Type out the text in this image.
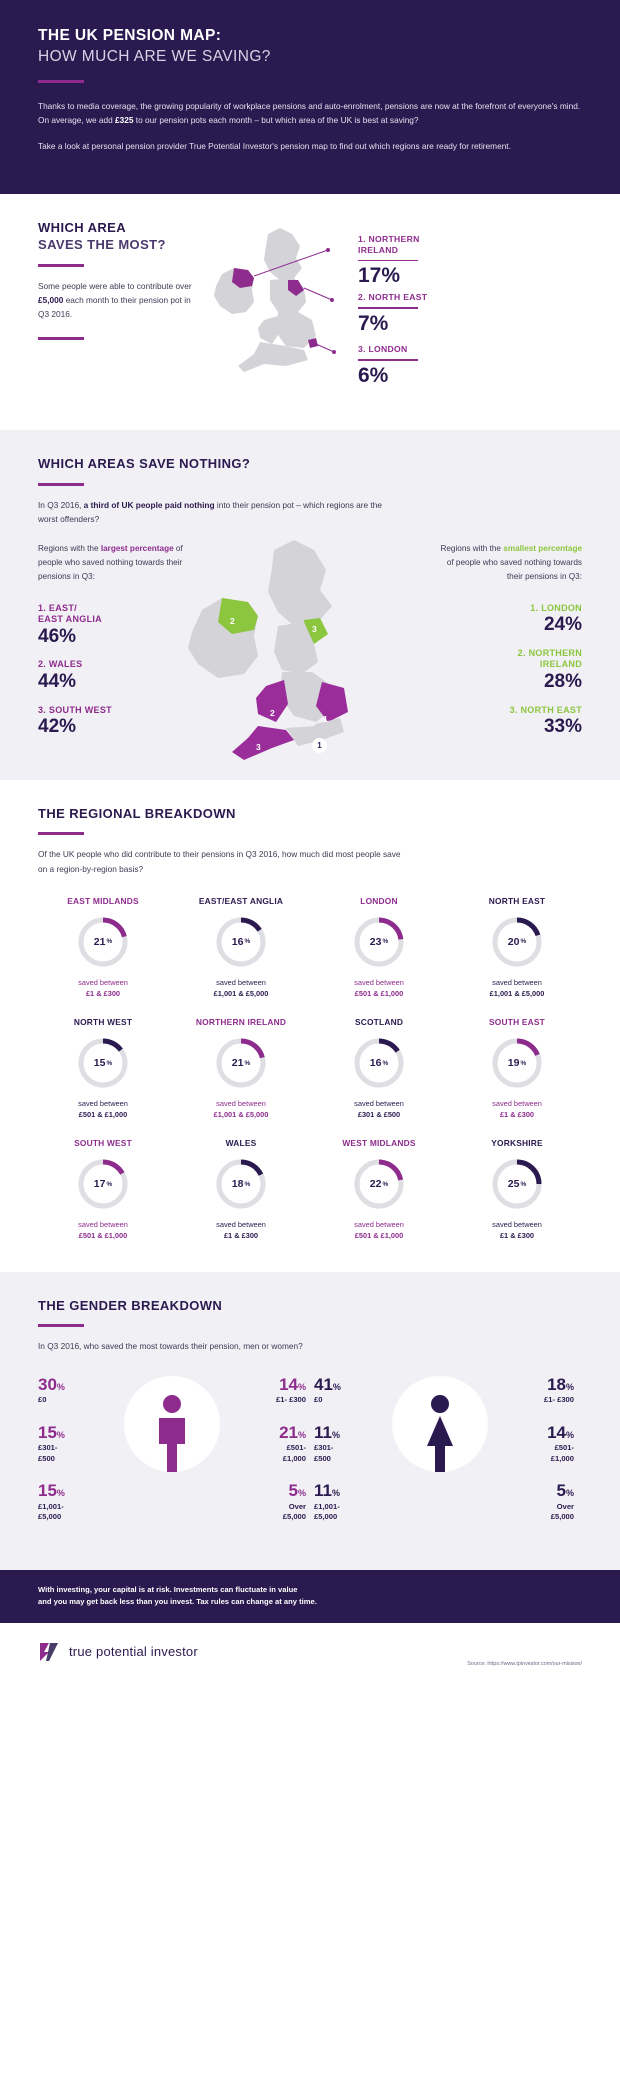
THE UK PENSION MAP:
HOW MUCH ARE WE SAVING?

Thanks to media coverage, the growing popularity of workplace pensions and auto-enrolment, pensions are now at the forefront of everyone's mind. On average, we add £325 to our pension pots each month – but which area of the UK is best at saving?

Take a look at personal pension provider True Potential Investor's pension map to find out which regions are ready for retirement.

WHICH AREA
SAVES THE MOST?
Some people were able to contribute over £5,000 each month to their pension pot in Q3 2016.
1. NORTHERN
IRELAND
17%
2. NORTH EAST
7%
3. LONDON
6%
WHICH AREAS SAVE NOTHING?
In Q3 2016, a third of UK people paid nothing into their pension pot – which regions are the worst offenders?
Regions with the largest percentage of people who saved nothing towards their pensions in Q3:
1. EAST/
EAST ANGLIA
46%
2. WALES
44%
3. SOUTH WEST
42%	1
1
2
2
3
3
Regions with the smallest percentage of people who saved nothing towards their pensions in Q3:
1. LONDON
24%
2. NORTHERN
IRELAND
28%
3. NORTH EAST
33%
THE REGIONAL BREAKDOWN
Of the UK people who did contribute to their pensions in Q3 2016, how much did most people save on a region-by-region basis?
EAST MIDLANDS
21 %
saved between
£1 & £300
EAST/EAST ANGLIA
16 %
saved between
£1,001 & £5,000
LONDON
23 %
saved between
£501 & £1,000
NORTH EAST
20 %
saved between
£1,001 & £5,000
NORTH WEST
15 %
saved between
£501 & £1,000
NORTHERN IRELAND
21 %
saved between
£1,001 & £5,000
SCOTLAND
16 %
saved between
£301 & £500
SOUTH EAST
19 %
saved between
£1 & £300
SOUTH WEST
17 %
saved between
£501 & £1,000
WALES
18 %
saved between
£1 & £300
WEST MIDLANDS
22 %
saved between
£501 & £1,000
YORKSHIRE
25 %
saved between
£1 & £300
THE GENDER BREAKDOWN
In Q3 2016, who saved the most towards their pension, men or women?
30%
£0
15%
£301-
£500
15%
£1,001-
£5,000
14%
£1- £300
21%
£501-
£1,000
5%
Over
£5,000
41%
£0
11%
£301-
£500
11%
£1,001-
£5,000
18%
£1- £300
14%
£501-
£1,000
5%
Over
£5,000
With investing, your capital is at risk. Investments can fluctuate in value
and you may get back less than you invest. Tax rules can change at any time.
true potential investor
Source: https://www.tpinvestor.com/our-mission/
